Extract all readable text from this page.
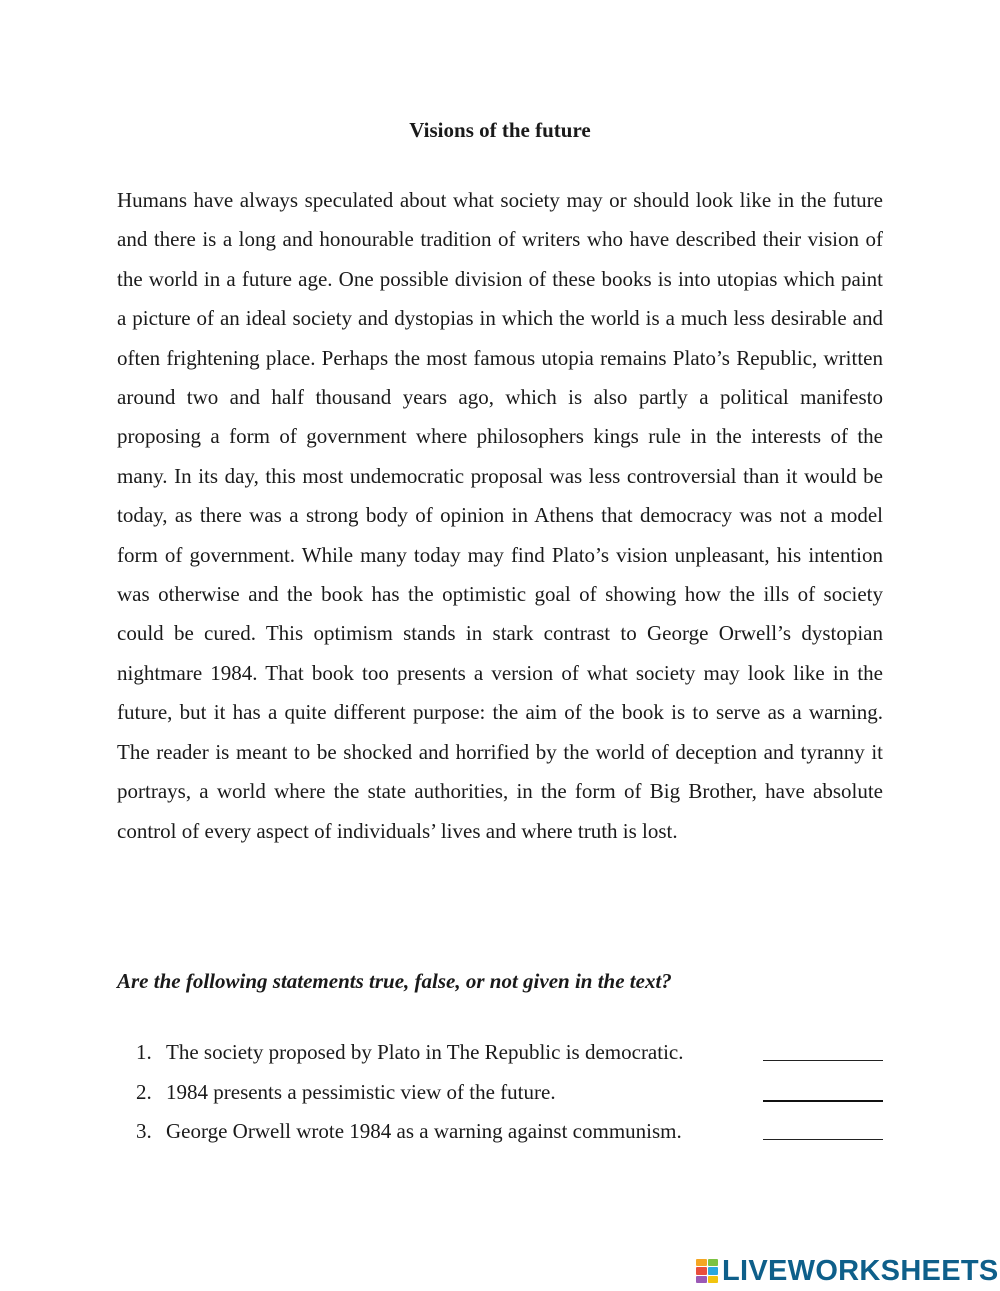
Visions of the future

Humans have always speculated about what society may or should look like in the future and there is a long and honourable tradition of writers who have described their vision of the world in a future age. One possible division of these books is into utopias which paint a picture of an ideal society and dystopias in which the world is a much less desirable and often frightening place. Perhaps the most famous utopia remains Plato’s Republic, written around two and half thousand years ago, which is also partly a political manifesto proposing a form of government where philosophers kings rule in the interests of the many. In its day, this most undemocratic proposal was less controversial than it would be today, as there was a strong body of opinion in Athens that democracy was not a model form of government. While many today may find Plato’s vision unpleasant, his intention was otherwise and the book has the optimistic goal of showing how the ills of society could be cured. This optimism stands in stark contrast to George Orwell’s dystopian nightmare 1984. That book too presents a version of what society may look like in the future, but it has a quite different purpose: the aim of the book is to serve as a warning. The reader is meant to be shocked and horrified by the world of deception and tyranny it portrays, a world where the state authorities, in the form of Big Brother, have absolute control of every aspect of individuals’ lives and where truth is lost.

Are the following statements true, false, or not given in the text?
1. The society proposed by Plato in The Republic is democratic.
2. 1984 presents a pessimistic view of the future.
3. George Orwell wrote 1984 as a warning against communism.
LIVEWORKSHEETS
